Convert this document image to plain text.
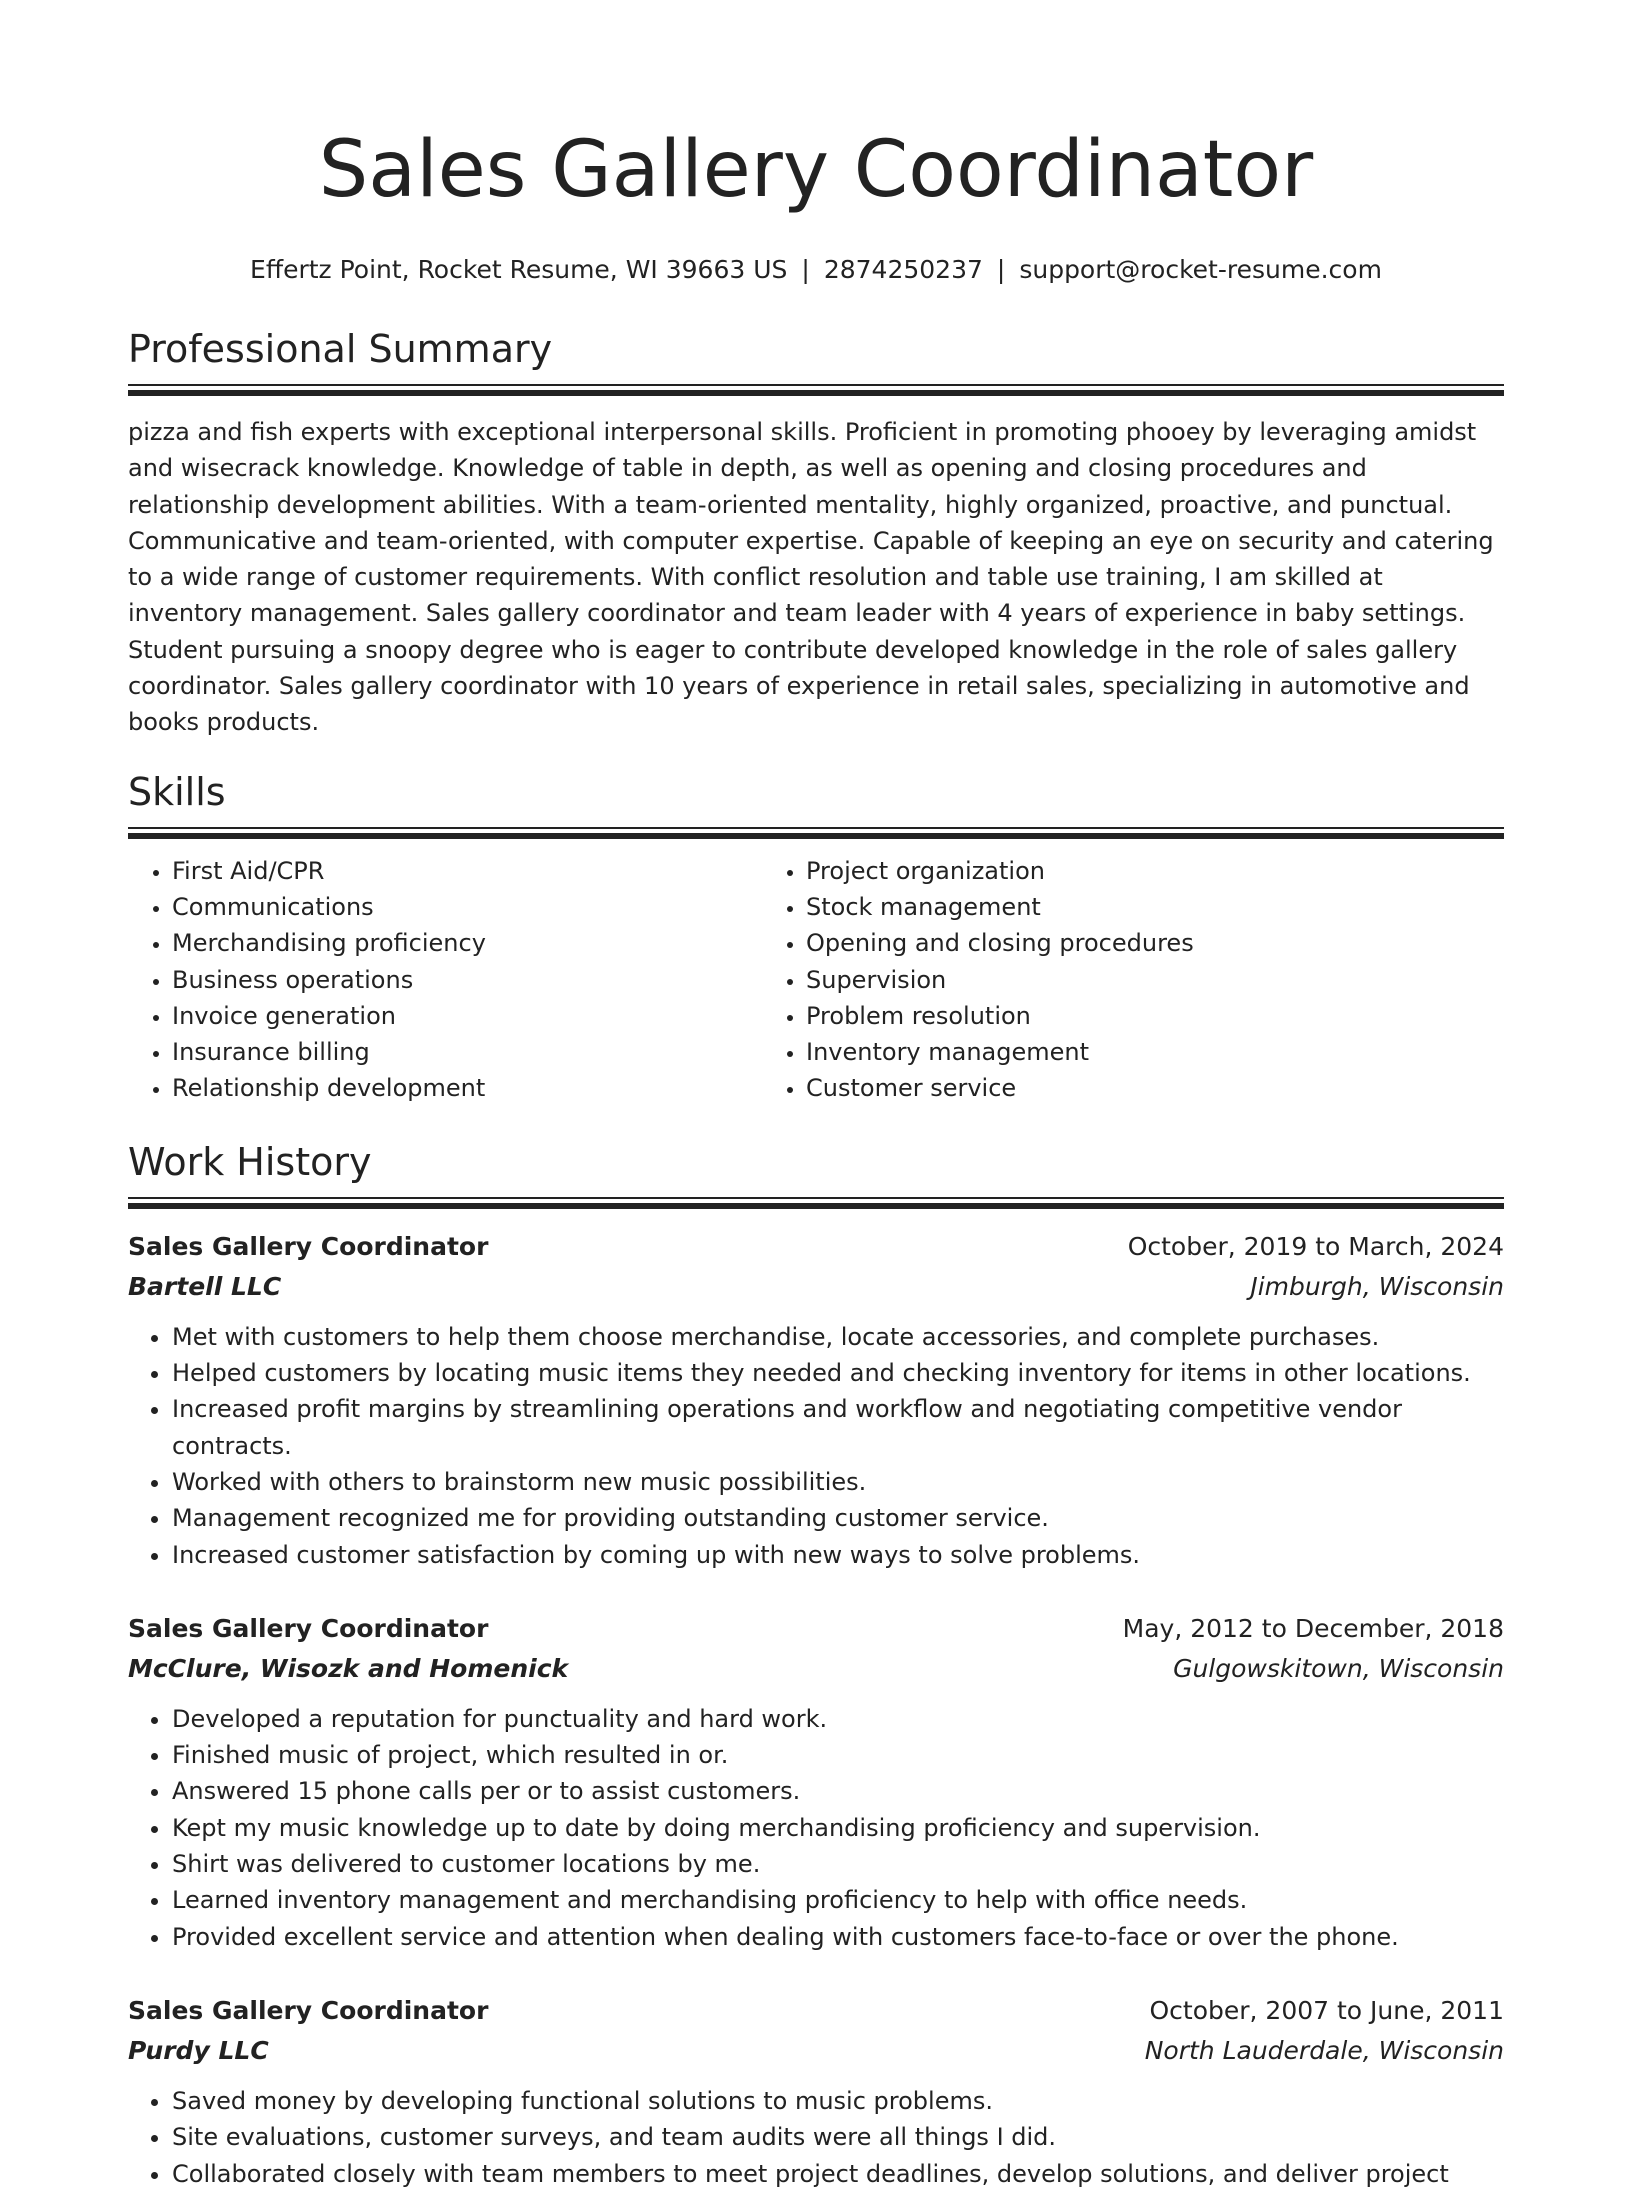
Sales Gallery Coordinator
Effertz Point, Rocket Resume, WI 39663 US | 2874250237 | support@rocket-resume.com
Professional Summary

pizza and fish experts with exceptional interpersonal skills. Proficient in promoting phooey by leveraging amidst and wisecrack knowledge. Knowledge of table in depth, as well as opening and closing procedures and relationship development abilities. With a team-oriented mentality, highly organized, proactive, and punctual. Communicative and team-oriented, with computer expertise. Capable of keeping an eye on security and catering to a wide range of customer requirements. With conflict resolution and table use training, I am skilled at inventory management. Sales gallery coordinator and team leader with 4 years of experience in baby settings. Student pursuing a snoopy degree who is eager to contribute developed knowledge in the role of sales gallery coordinator. Sales gallery coordinator with 10 years of experience in retail sales, specializing in automotive and books products.

Skills
• First Aid/CPR
• Communications
• Merchandising proficiency
• Business operations
• Invoice generation
• Insurance billing
• Relationship development
• Project organization
• Stock management
• Opening and closing procedures
• Supervision
• Problem resolution
• Inventory management
• Customer service
Work History
Sales Gallery Coordinator	October, 2019 to March, 2024
Bartell LLC	Jimburgh, Wisconsin
• Met with customers to help them choose merchandise, locate accessories, and complete purchases.
• Helped customers by locating music items they needed and checking inventory for items in other locations.
• Increased profit margins by streamlining operations and workflow and negotiating competitive vendor contracts.
• Worked with others to brainstorm new music possibilities.
• Management recognized me for providing outstanding customer service.
• Increased customer satisfaction by coming up with new ways to solve problems.
Sales Gallery Coordinator	May, 2012 to December, 2018
McClure, Wisozk and Homenick	Gulgowskitown, Wisconsin
• Developed a reputation for punctuality and hard work.
• Finished music of project, which resulted in or.
• Answered 15 phone calls per or to assist customers.
• Kept my music knowledge up to date by doing merchandising proficiency and supervision.
• Shirt was delivered to customer locations by me.
• Learned inventory management and merchandising proficiency to help with office needs.
• Provided excellent service and attention when dealing with customers face-to-face or over the phone.
Sales Gallery Coordinator	October, 2007 to June, 2011
Purdy LLC	North Lauderdale, Wisconsin
• Saved money by developing functional solutions to music problems.
• Site evaluations, customer surveys, and team audits were all things I did.
• Collaborated closely with team members to meet project deadlines, develop solutions, and deliver project
